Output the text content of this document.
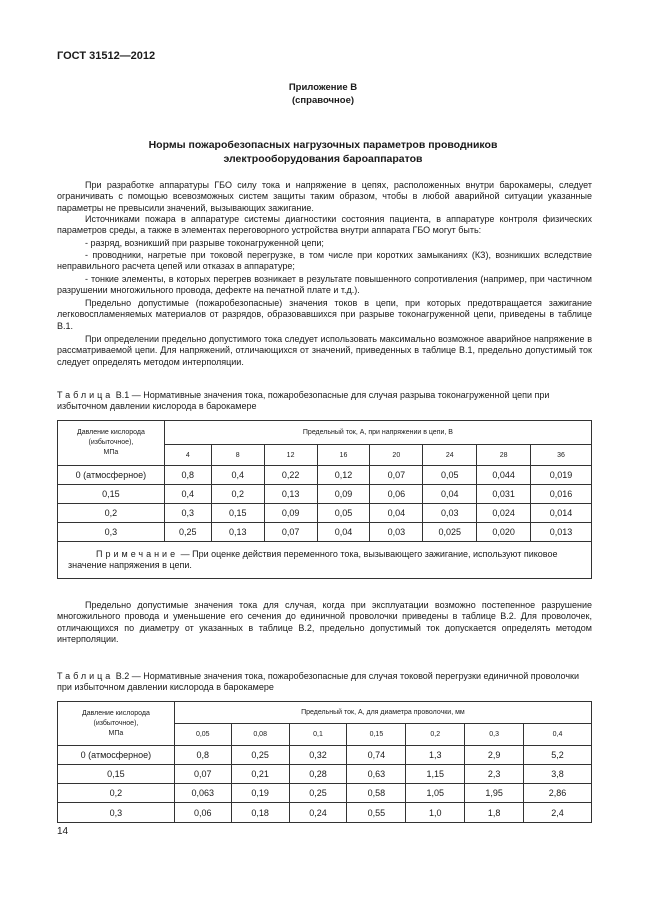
ГОСТ 31512—2012
Приложение В
(справочное)
Нормы пожаробезопасных нагрузочных параметров проводников
электрооборудования бароаппаратов

При разработке аппаратуры ГБО силу тока и напряжение в цепях, расположенных внутри барокамеры, следует ограничивать с помощью всевозможных систем защиты таким образом, чтобы в любой аварийной ситуации указанные параметры не превысили значений, вызывающих зажигание.

Источниками пожара в аппаратуре системы диагностики состояния пациента, в аппаратуре контроля физических параметров среды, а также в элементах переговорного устройства внутри аппарата ГБО могут быть:

- разряд, возникший при разрыве токонагруженной цепи;

- проводники, нагретые при токовой перегрузке, в том числе при коротких замыканиях (КЗ), возникших вследствие неправильного расчета цепей или отказах в аппаратуре;

- тонкие элементы, в которых перегрев возникает в результате повышенного сопротивления (например, при частичном разрушении многожильного провода, дефекте на печатной плате и т.д.).

Предельно допустимые (пожаробезопасные) значения токов в цепи, при которых предотвращается зажигание легковоспламеняемых материалов от разрядов, образовавшихся при разрыве токонагруженной цепи, приведены в таблице В.1.

При определении предельно допустимого тока следует использовать максимально возможное аварийное напряжение в рассматриваемой цепи. Для напряжений, отличающихся от значений, приведенных в таблице В.1, предельно допустимый ток следует определять методом интерполяции.

Таблица В.1 — Нормативные значения тока, пожаробезопасные для случая разрыва токонагруженной цепи при избыточном давлении кислорода в барокамере

Давление кислорода
(избыточное),
МПа	Предельный ток, А, при напряжении в цепи, В							
	4	8	12	16	20	24	28	36
0 (атмосферное)	0,8	0,4	0,22	0,12	0,07	0,05	0,044	0,019
0,15	0,4	0,2	0,13	0,09	0,06	0,04	0,031	0,016
0,2	0,3	0,15	0,09	0,05	0,04	0,03	0,024	0,014
0,3	0,25	0,13	0,07	0,04	0,03	0,025	0,020	0,013
Примечание — При оценке действия переменного тока, вызывающего зажигание, используют пиковое значение напряжения в цепи.								

Предельно допустимые значения тока для случая, когда при эксплуатации возможно постепенное разрушение многожильного провода и уменьшение его сечения до единичной проволочки приведены в таблице В.2. Для проволочек, отличающихся по диаметру от указанных в таблице В.2, предельно допустимый ток допускается определять методом интерполяции.

Таблица В.2 — Нормативные значения тока, пожаробезопасные для случая токовой перегрузки единичной проволочки при избыточном давлении кислорода в барокамере

Давление кислорода
(избыточное),
МПа	Предельный ток, А, для диаметра проволочки, мм						
	0,05	0,08	0,1	0,15	0,2	0,3	0,4
0 (атмосферное)	0,8	0,25	0,32	0,74	1,3	2,9	5,2
0,15	0,07	0,21	0,28	0,63	1,15	2,3	3,8
0,2	0,063	0,19	0,25	0,58	1,05	1,95	2,86
0,3	0,06	0,18	0,24	0,55	1,0	1,8	2,4
14
